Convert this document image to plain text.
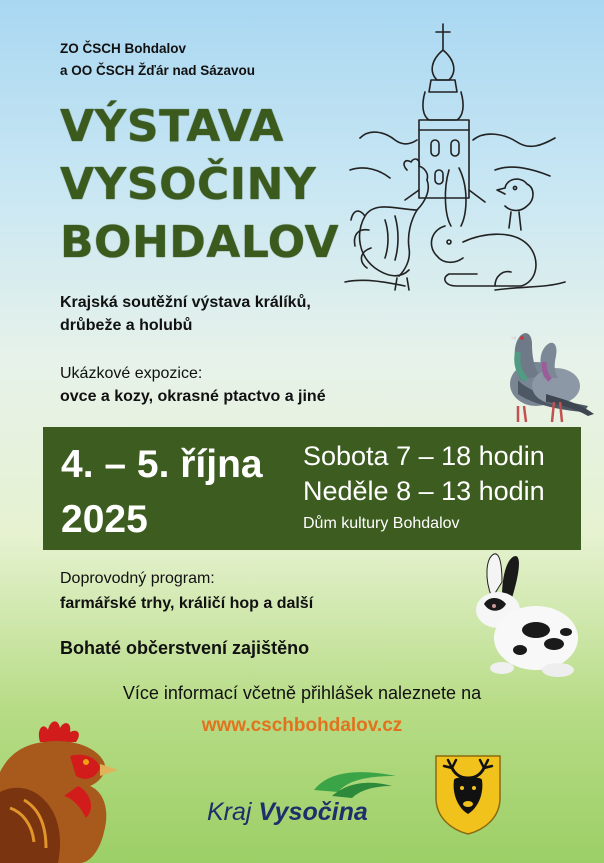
ZO ČSCH Bohdalov
a OO ČSCH Žďár nad Sázavou
VÝSTAVA
VYSOČINY
BOHDALOV
Krajská soutěžní výstava králíků,
drůbeže a holubů
Ukázkové expozice:
ovce a kozy, okrasné ptactvo a jiné
4. – 5. října
2025
Sobota 7 – 18 hodin
Neděle 8 – 13 hodin
Dům kultury Bohdalov
Doprovodný program:
farmářské trhy, králičí hop a další
Bohaté občerstvení zajištěno
Více informací včetně přihlášek naleznete na
www.cschbohdalov.cz
Kraj Vysočina
